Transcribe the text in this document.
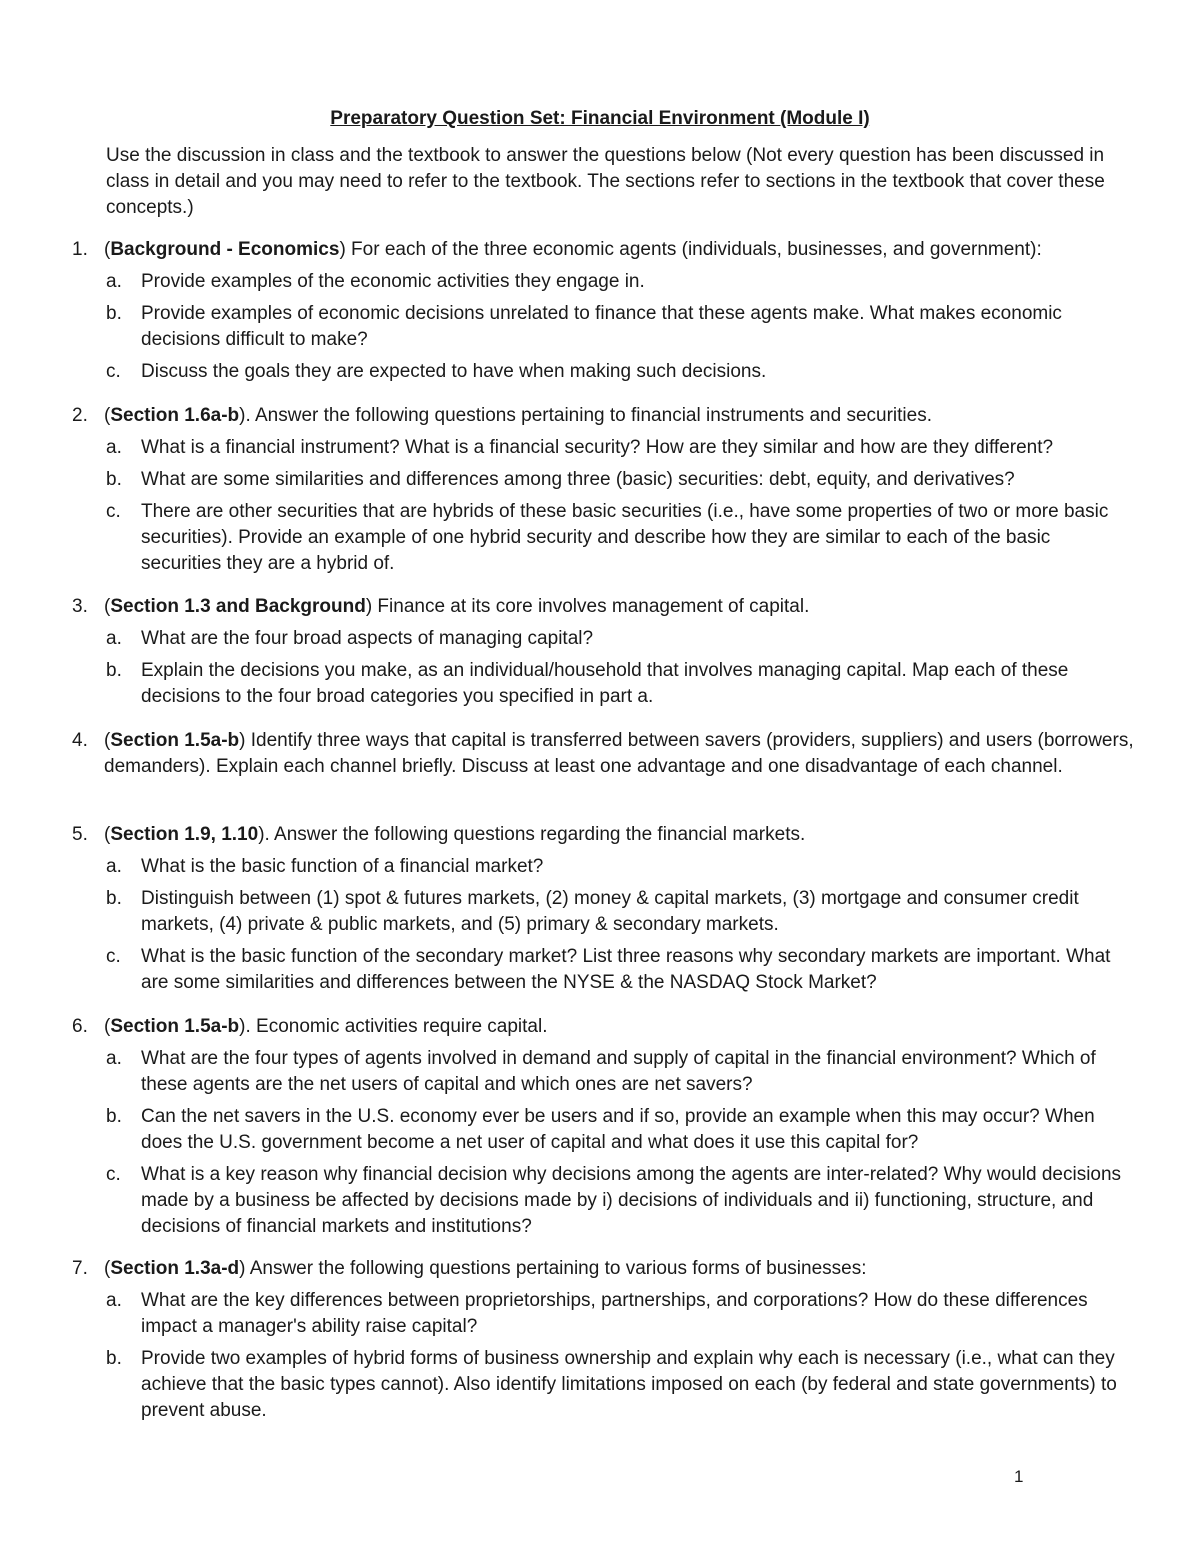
Preparatory Question Set: Financial Environment (Module I)
Use the discussion in class and the textbook to answer the questions below (Not every question has been discussed in class in detail and you may need to refer to the textbook. The sections refer to sections in the textbook that cover these concepts.)
1. (Background - Economics) For each of the three economic agents (individuals, businesses, and government):
a. Provide examples of the economic activities they engage in.
b. Provide examples of economic decisions unrelated to finance that these agents make. What makes economic decisions difficult to make?
c. Discuss the goals they are expected to have when making such decisions.
2. (Section 1.6a-b). Answer the following questions pertaining to financial instruments and securities.
a. What is a financial instrument? What is a financial security? How are they similar and how are they different?
b. What are some similarities and differences among three (basic) securities: debt, equity, and derivatives?
c. There are other securities that are hybrids of these basic securities (i.e., have some properties of two or more basic securities). Provide an example of one hybrid security and describe how they are similar to each of the basic securities they are a hybrid of.
3. (Section 1.3 and Background) Finance at its core involves management of capital.
a. What are the four broad aspects of managing capital?
b. Explain the decisions you make, as an individual/household that involves managing capital. Map each of these decisions to the four broad categories you specified in part a.
4. (Section 1.5a-b) Identify three ways that capital is transferred between savers (providers, suppliers) and users (borrowers, demanders). Explain each channel briefly. Discuss at least one advantage and one disadvantage of each channel.
5. (Section 1.9, 1.10). Answer the following questions regarding the financial markets.
a. What is the basic function of a financial market?
b. Distinguish between (1) spot & futures markets, (2) money & capital markets, (3) mortgage and consumer credit markets, (4) private & public markets, and (5) primary & secondary markets.
c. What is the basic function of the secondary market? List three reasons why secondary markets are important. What are some similarities and differences between the NYSE & the NASDAQ Stock Market?
6. (Section 1.5a-b). Economic activities require capital.
a. What are the four types of agents involved in demand and supply of capital in the financial environment? Which of these agents are the net users of capital and which ones are net savers?
b. Can the net savers in the U.S. economy ever be users and if so, provide an example when this may occur? When does the U.S. government become a net user of capital and what does it use this capital for?
c. What is a key reason why financial decision why decisions among the agents are inter-related? Why would decisions made by a business be affected by decisions made by i) decisions of individuals and ii) functioning, structure, and decisions of financial markets and institutions?
7. (Section 1.3a-d) Answer the following questions pertaining to various forms of businesses:
a. What are the key differences between proprietorships, partnerships, and corporations? How do these differences impact a manager's ability raise capital?
b. Provide two examples of hybrid forms of business ownership and explain why each is necessary (i.e., what can they achieve that the basic types cannot). Also identify limitations imposed on each (by federal and state governments) to prevent abuse.
1
